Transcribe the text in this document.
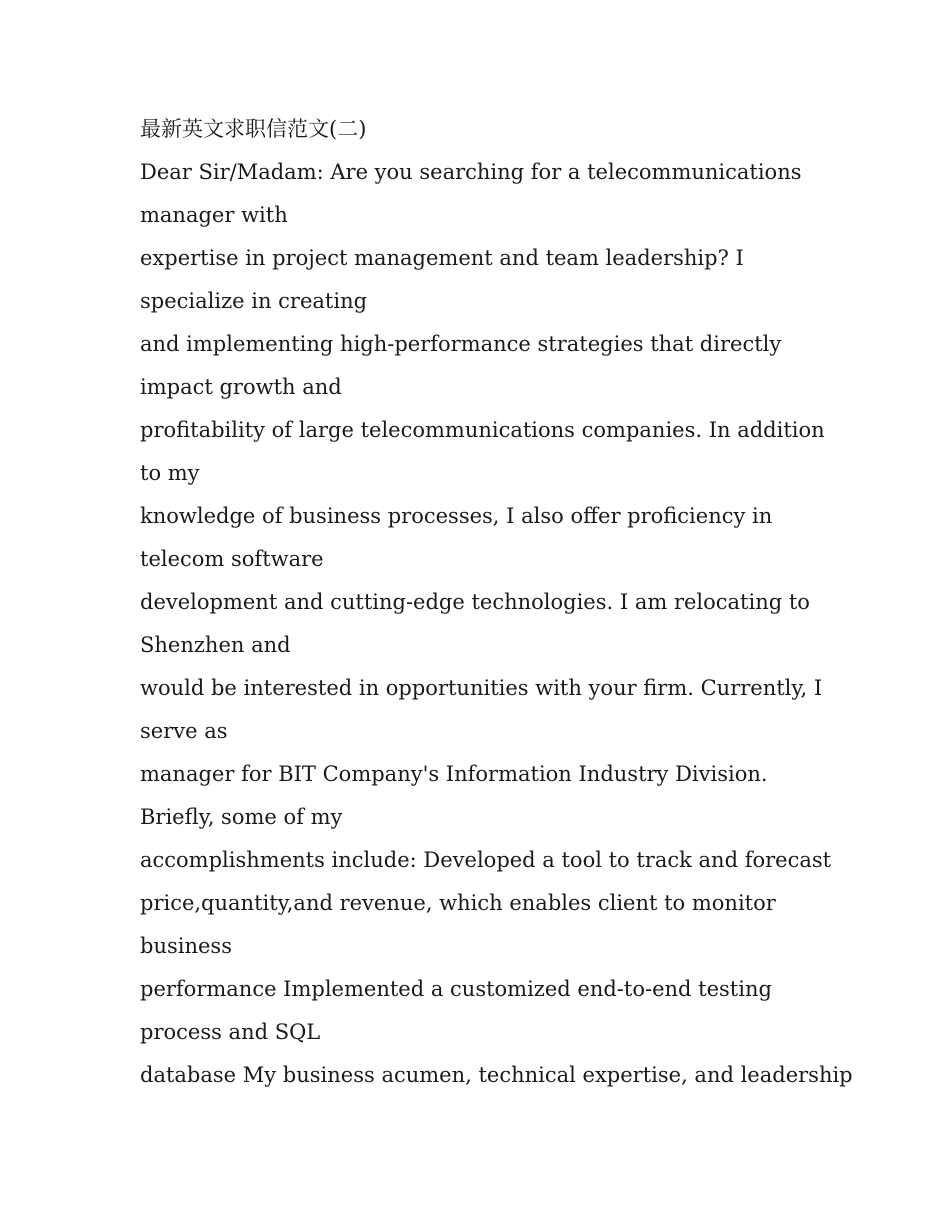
最新英文求职信范文(二)
Dear Sir/Madam: Are you searching for a telecommunications
manager with
expertise in project management and team leadership? I
specialize in creating
and implementing high-performance strategies that directly
impact growth and
profitability of large telecommunications companies. In addition
to my
knowledge of business processes, I also offer proficiency in
telecom software
development and cutting-edge technologies. I am relocating to
Shenzhen and
would be interested in opportunities with your firm. Currently, I
serve as
manager for BIT Company's Information Industry Division.
Briefly, some of my
accomplishments include: Developed a tool to track and forecast
price,quantity,and revenue, which enables client to monitor
business
performance Implemented a customized end-to-end testing
process and SQL
database My business acumen, technical expertise, and leadership
